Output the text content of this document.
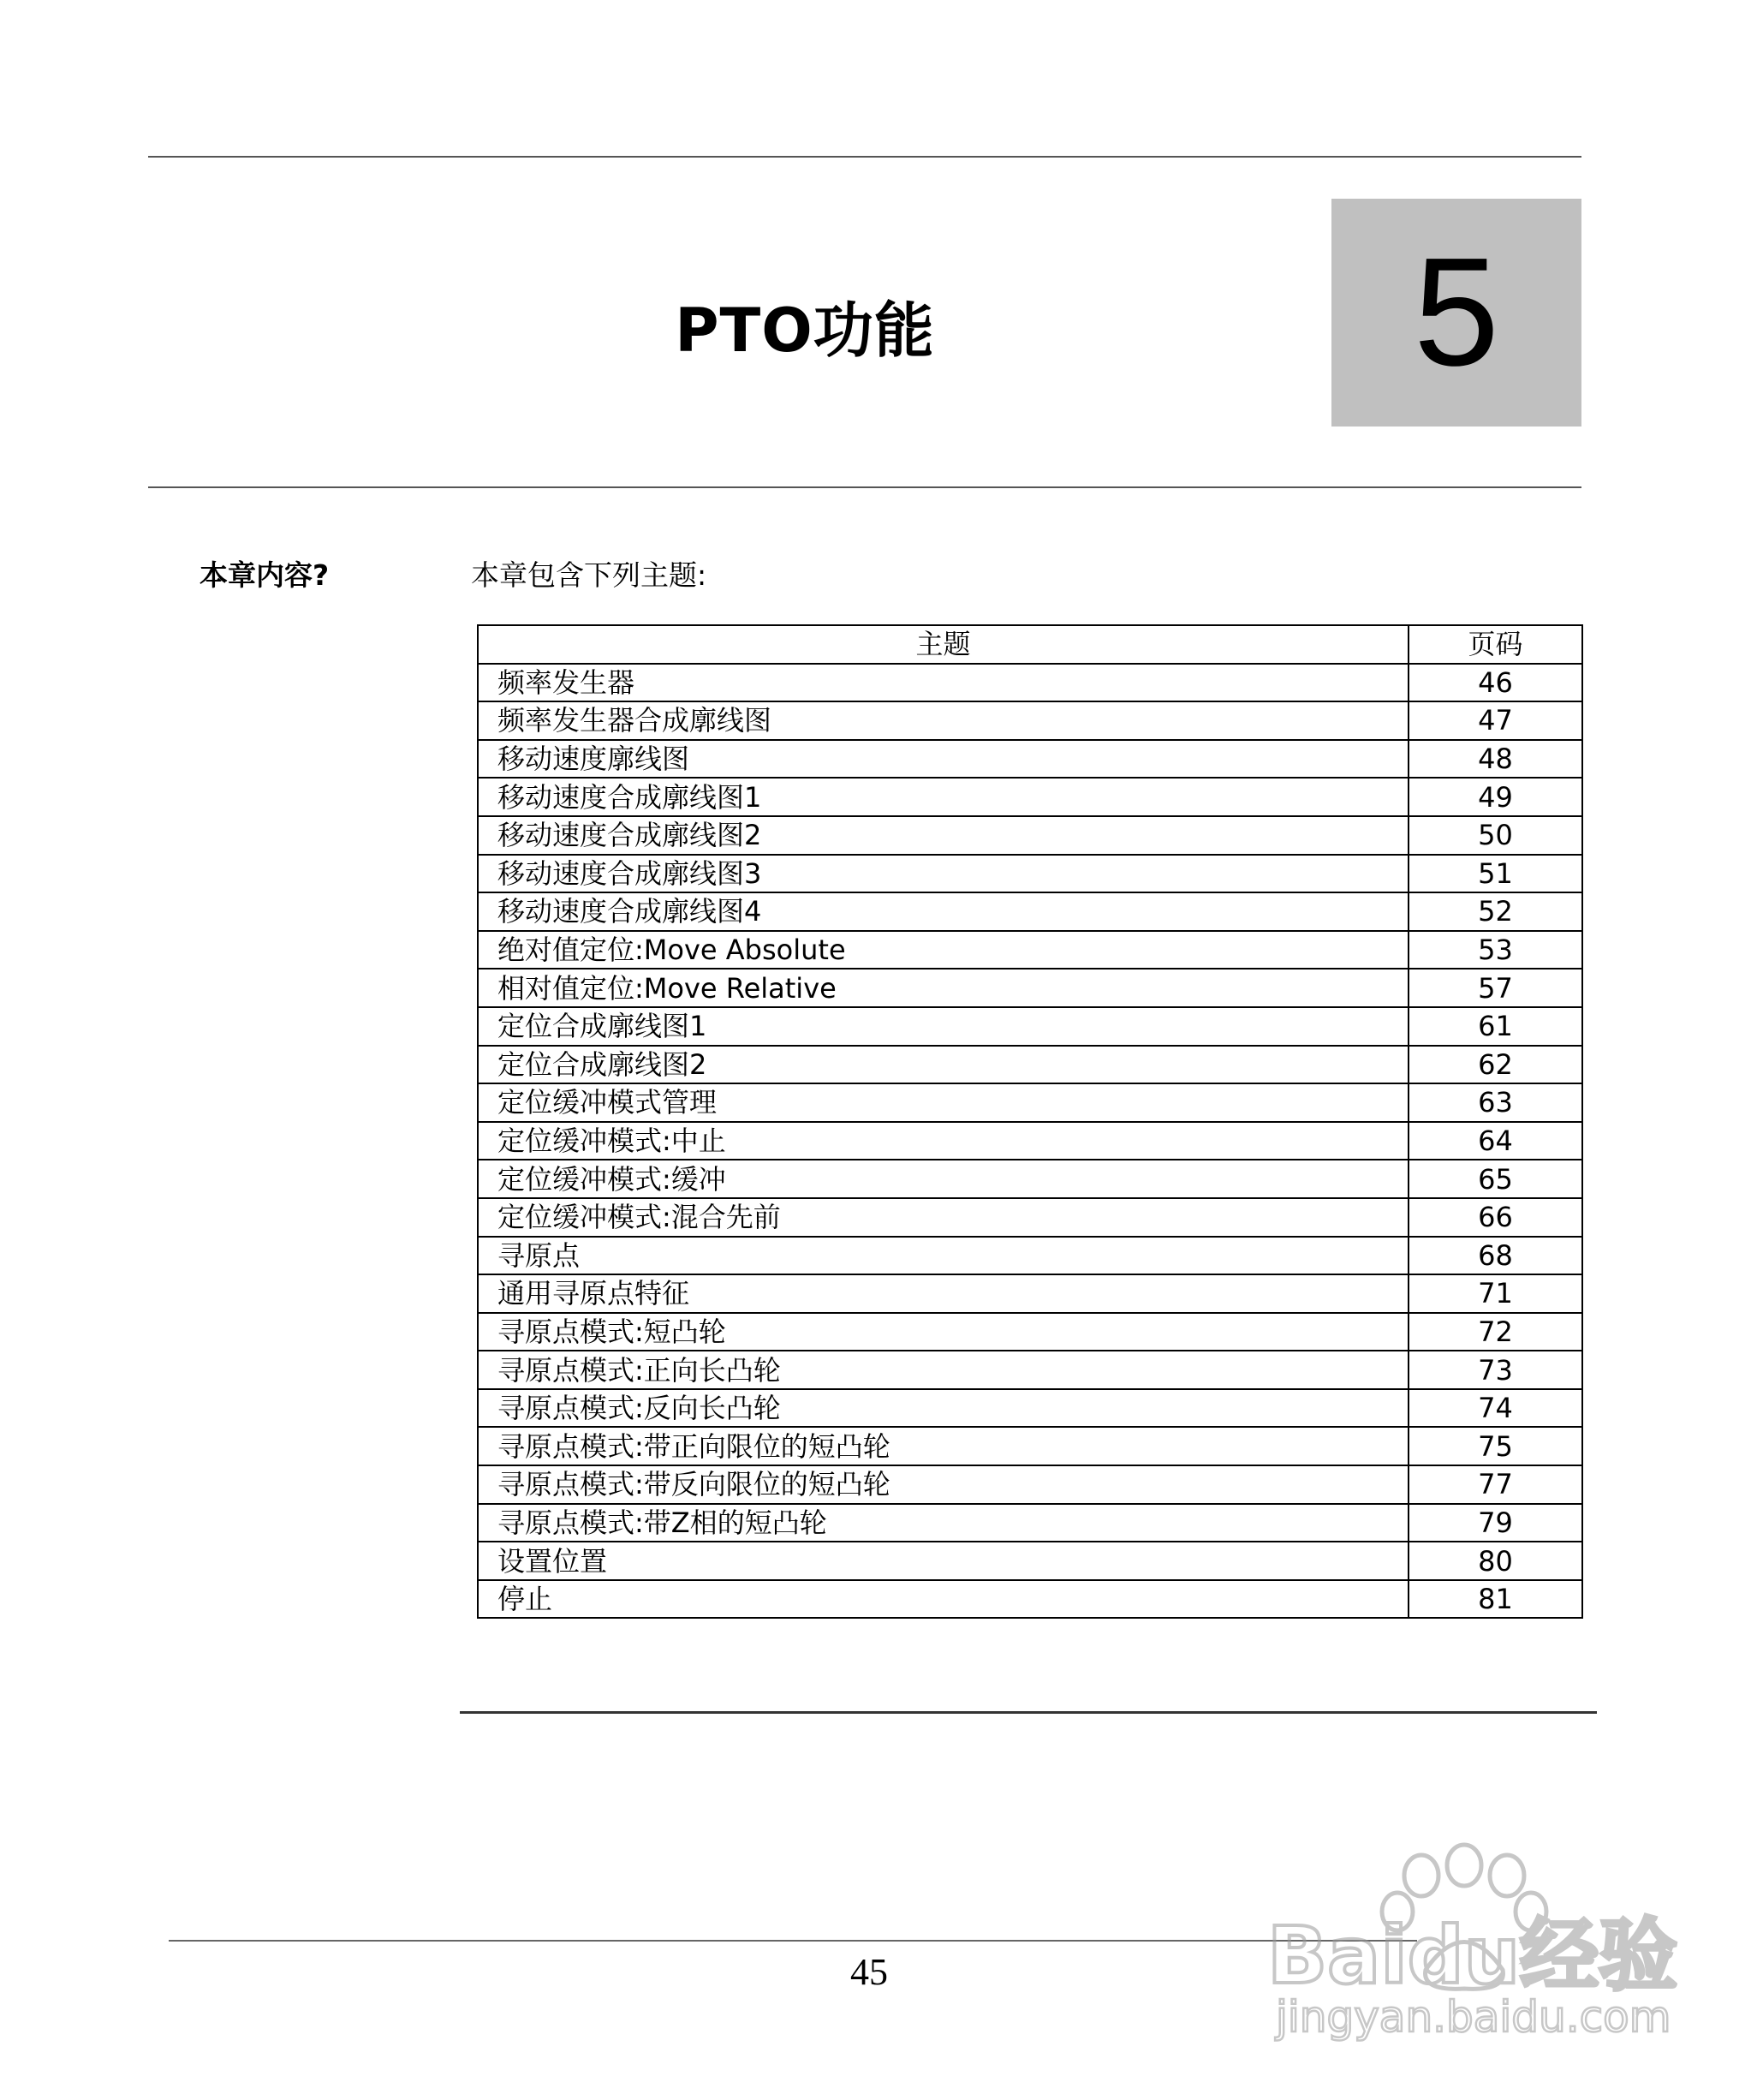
PTO功能	5
本章内容?	本章包含下列主题:
主题	页码
频率发生器	46
频率发生器合成廓线图	47
移动速度廓线图	48
移动速度合成廓线图1	49
移动速度合成廓线图2	50
移动速度合成廓线图3	51
移动速度合成廓线图4	52
绝对值定位:Move Absolute	53
相对值定位:Move Relative	57
定位合成廓线图1	61
定位合成廓线图2	62
定位缓冲模式管理	63
定位缓冲模式:中止	64
定位缓冲模式:缓冲	65
定位缓冲模式:混合先前	66
寻原点	68
通用寻原点特征	71
寻原点模式:短凸轮	72
寻原点模式:正向长凸轮	73
寻原点模式:反向长凸轮	74
寻原点模式:带正向限位的短凸轮	75
寻原点模式:带反向限位的短凸轮	77
寻原点模式:带Z相的短凸轮	79
设置位置	80
停止	81
45	Baidu经验
jingyan.baidu.com
